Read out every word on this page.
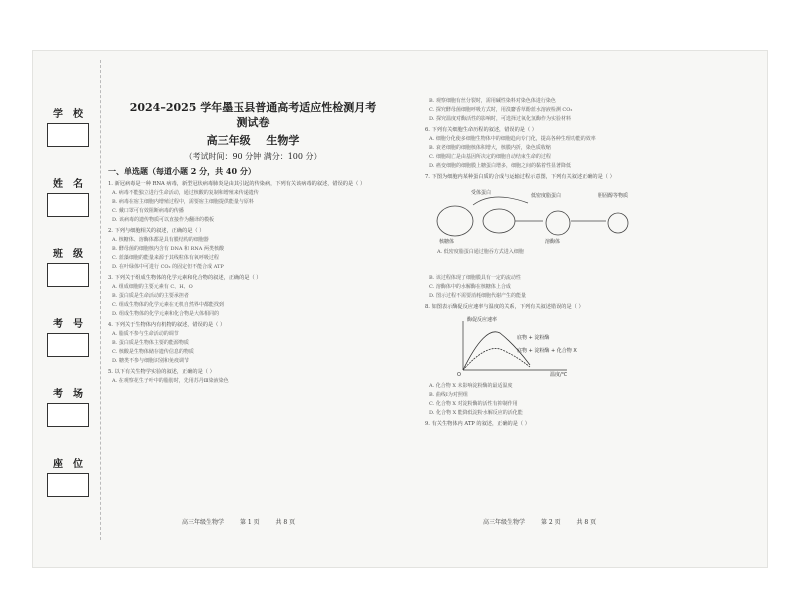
学校
姓名
班级
考号
考场
座位
2024–2025 学年墨玉县普通高考适应性检测月考
测试卷
高三年级 生物学
（考试时间：90 分钟 满分：100 分）
一、单选题（每道小题 2 分，共 40 分）
1. 新冠病毒是一种 RNA 病毒，新型冠状病毒肺炎是由其引起的传染病，下列有关该病毒的叙述，错误的是（ ）
A. 病毒不能独立进行生命活动，通过核酸的复制和增殖来传递遗传
B. 病毒在宿主细胞内增殖过程中，需要宿主细胞提供能量与原料
C. 戴口罩可有效阻断病毒的传播
D. 该病毒的遗传物质可以直接作为翻译的模板
2. 下列与细胞相关的叙述，正确的是（ ）
A. 核糖体、溶酶体都是具有膜结构的细胞器
B. 酵母菌的细胞核内含有 DNA 和 RNA 两类核酸
C. 蓝藻细胞的能量来源于其线粒体有氧呼吸过程
D. 在叶绿体中可进行 CO₂ 的固定但不能合成 ATP
3. 下列关于组成生物体的化学元素和化合物的叙述，正确的是（ ）
A. 组成细胞的主要元素有 C、H、O
B. 蛋白质是生命活动的主要承担者
C. 组成生物体的化学元素在无机自然界中都能找到
D. 组成生物体的化学元素和化合物是大体相同的
4. 下列关于生物体内有机物的叙述，错误的是（ ）
A. 脂质不参与生命活动的调节
B. 蛋白质是生物体主要的能源物质
C. 核酸是生物体储存遗传信息的物质
D. 糖类不参与细胞识别和免疫调节
5. 以下有关生物学实验的叙述，正确的是（ ）
A. 在观察花生子叶中的脂肪时，先用苏丹Ⅲ染液染色
B. 观察细胞有丝分裂时，需用碱性染料对染色体进行染色
C. 探究酵母菌细胞呼吸方式时，用溴麝香草酚蓝水溶液检测 CO₂
D. 探究温度对酶活性的影响时，可选择过氧化氢酶作为实验材料
6. 下列有关细胞生命历程的叙述，错误的是（ ）
A. 细胞分化使多细胞生物体中的细胞趋向专门化，提高各种生理功能的效率
B. 衰老细胞的细胞核体积增大，核膜内折，染色质收缩
C. 细胞凋亡是由基因所决定的细胞自动结束生命的过程
D. 癌变细胞的细胞膜上糖蛋白增多，细胞之间的黏着性显著降低
7. 下图为细胞内某种蛋白质的合成与运输过程示意图，下列有关叙述正确的是（ ）
受体蛋白	低密度脂蛋白
溶酶体
胆固醇等物质
核糖体
A. 低密度脂蛋白通过胞吞方式进入细胞
B. 该过程体现了细胞膜具有一定的流动性
C. 溶酶体中的水解酶在核糖体上合成
D. 图示过程不需要消耗细胞代谢产生的能量
8. 如图表示酶促反应速率与温度的关系，下列有关叙述错误的是（ ）
酶促反应速率
温度/℃
O
底物 + 淀粉酶
底物 + 淀粉酶 + 化合物 X
A. 化合物 X 未影响淀粉酶的最适温度
B. 曲线Ⅰ为对照组
C. 化合物 X 对淀粉酶的活性有抑制作用
D. 化合物 X 能降低淀粉水解反应的活化能
9. 有关生物体内 ATP 的叙述，正确的是（ ）
高三年级生物学	第 1 页	共 8 页	高三年级生物学	第 2 页	共 8 页
